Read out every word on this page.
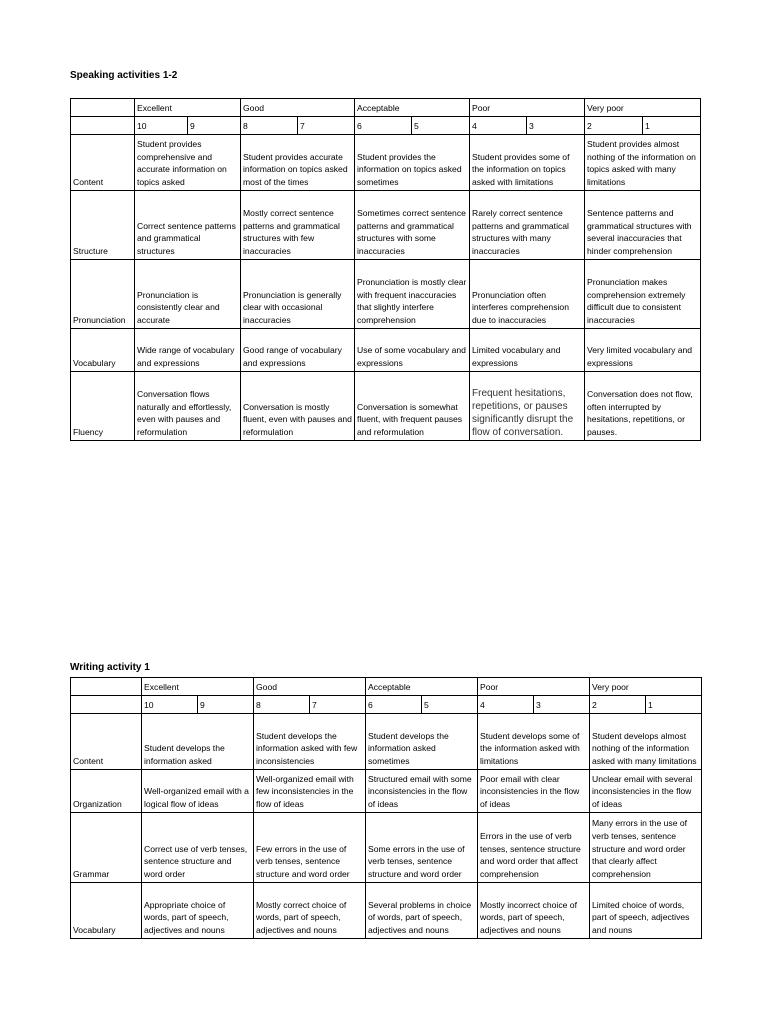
Speaking activities 1-2
	Excellent		Good		Acceptable		Poor		Very poor	
	10	9	8	7	6	5	4	3	2	1
Content	Student provides comprehensive and accurate information on topics asked		Student provides accurate information on topics asked most of the times		Student provides the information on topics asked sometimes		Student provides some of the information on topics asked with limitations		Student provides almost nothing of the information on topics asked with many limitations	
Structure	Correct sentence patterns and grammatical structures		Mostly correct sentence patterns and grammatical structures with few inaccuracies		Sometimes correct sentence patterns and grammatical structures with some inaccuracies		Rarely correct sentence patterns and grammatical structures with many inaccuracies		Sentence patterns and grammatical structures with several inaccuracies that hinder comprehension	
Pronunciation	Pronunciation is consistently clear and accurate		Pronunciation is generally clear with occasional inaccuracies		Pronunciation is mostly clear with frequent inaccuracies that slightly interfere comprehension		Pronunciation often interferes comprehension due to inaccuracies		Pronunciation makes comprehension extremely difficult due to consistent inaccuracies	
Vocabulary	Wide range of vocabulary and expressions		Good range of vocabulary and expressions		Use of some vocabulary and expressions		Limited vocabulary and expressions		Very limited vocabulary and expressions	
Fluency	Conversation flows naturally and effortlessly, even with pauses and reformulation		Conversation is mostly fluent, even with pauses and reformulation		Conversation is somewhat fluent, with frequent pauses and reformulation		Frequent hesitations, repetitions, or pauses significantly disrupt the flow of conversation.		Conversation does not flow, often interrupted by hesitations, repetitions, or pauses.	
Writing activity 1
	Excellent		Good		Acceptable		Poor		Very poor	
	10	9	8	7	6	5	4	3	2	1
Content	Student develops the information asked		Student develops the information asked with few inconsistencies		Student develops the information asked sometimes		Student develops some of the information asked with limitations		Student develops almost nothing of the information asked with many limitations	
Organization	Well-organized email with a logical flow of ideas		Well-organized email with few inconsistencies in the flow of ideas		Structured email with some inconsistencies in the flow of ideas		Poor email with clear inconsistencies in the flow of ideas		Unclear email with several inconsistencies in the flow of ideas	
Grammar	Correct use of verb tenses, sentence structure and word order		Few errors in the use of verb tenses, sentence structure and word order		Some errors in the use of verb tenses, sentence structure and word order		Errors in the use of verb tenses, sentence structure and word order that affect comprehension		Many errors in the use of verb tenses, sentence structure and word order that clearly affect comprehension	
Vocabulary	Appropriate choice of words, part of speech, adjectives and nouns		Mostly correct choice of words, part of speech, adjectives and nouns		Several problems in choice of words, part of speech, adjectives and nouns		Mostly incorrect choice of words, part of speech, adjectives and nouns		Limited choice of words, part of speech, adjectives and nouns	
